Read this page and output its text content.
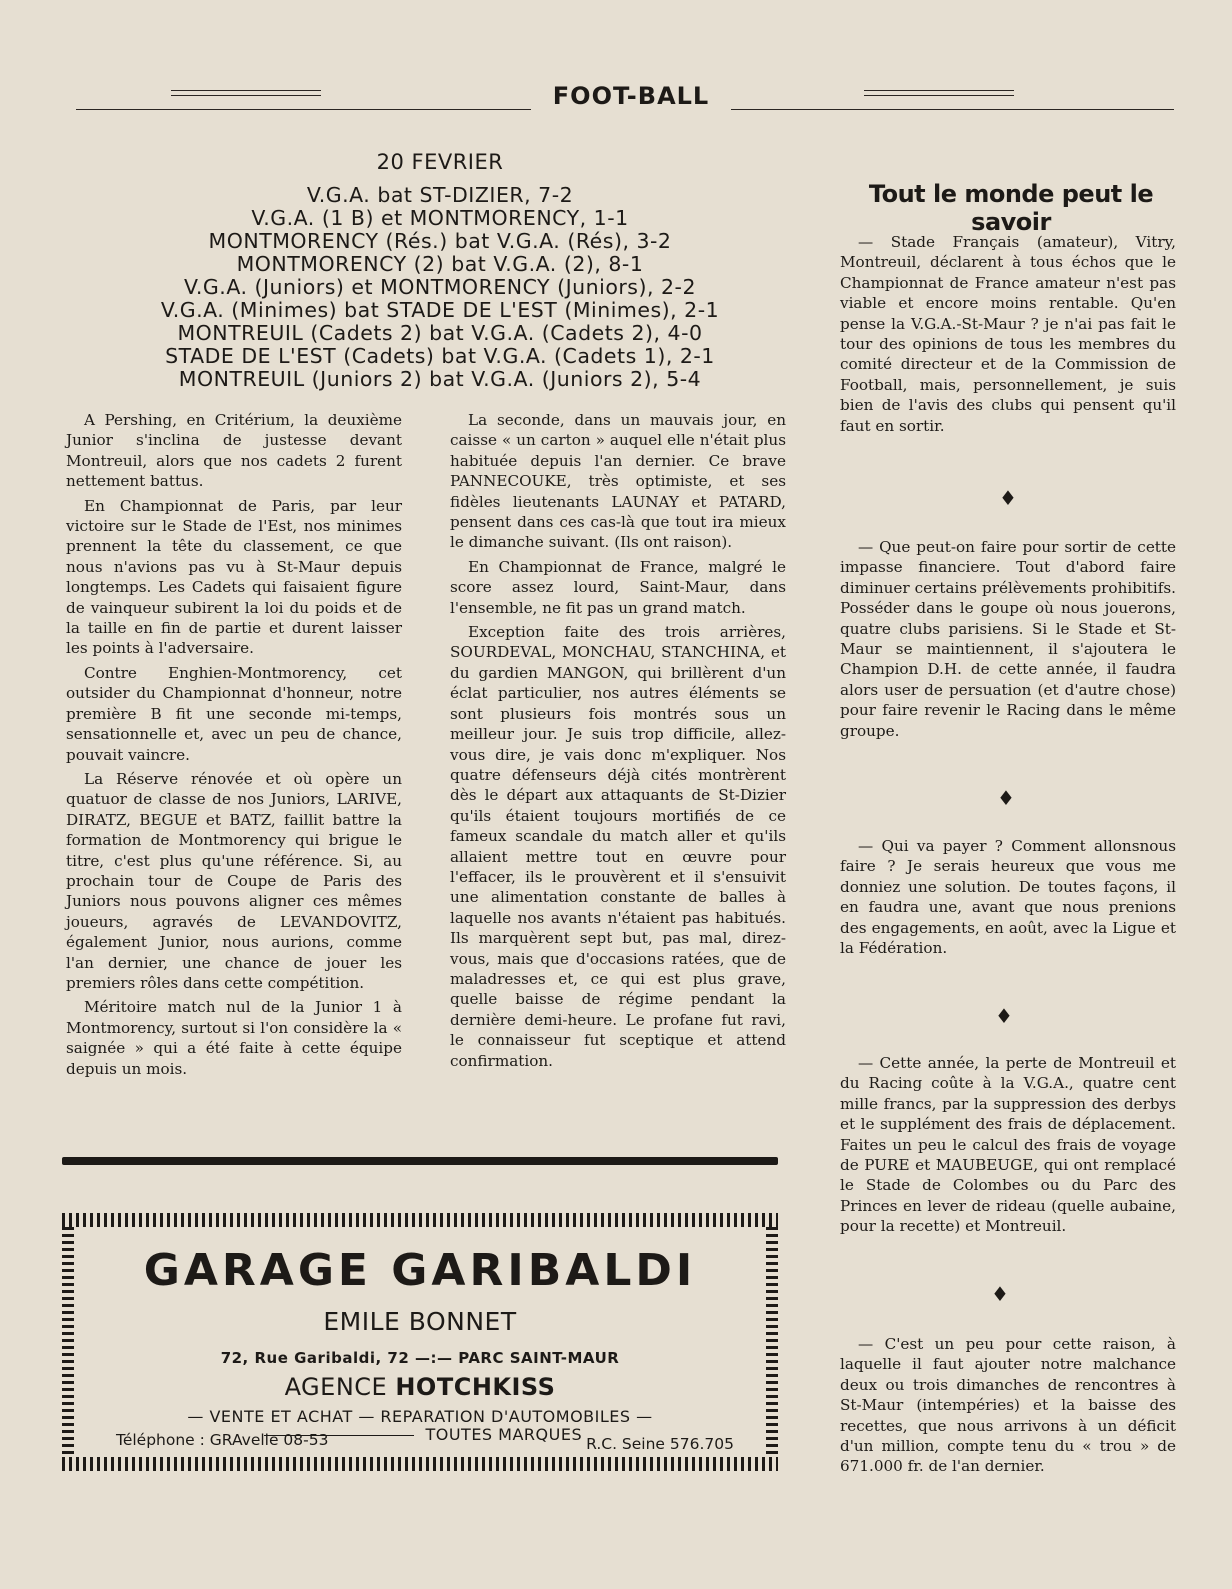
FOOT-BALL
20 FEVRIER
V.G.A. bat ST-DIZIER, 7-2
V.G.A. (1 B) et MONTMORENCY, 1-1
MONTMORENCY (Rés.) bat V.G.A. (Rés), 3-2
MONTMORENCY (2) bat V.G.A. (2), 8-1
V.G.A. (Juniors) et MONTMORENCY (Juniors), 2-2
V.G.A. (Minimes) bat STADE DE L'EST (Minimes), 2-1
MONTREUIL (Cadets 2) bat V.G.A. (Cadets 2), 4-0
STADE DE L'EST (Cadets) bat V.G.A. (Cadets 1), 2-1
MONTREUIL (Juniors 2) bat V.G.A. (Juniors 2), 5-4

A Pershing, en Critérium, la deuxième Junior s'inclina de justesse devant Montreuil, alors que nos cadets 2 furent nettement battus.

En Championnat de Paris, par leur victoire sur le Stade de l'Est, nos minimes prennent la tête du classement, ce que nous n'avions pas vu à St-Maur depuis longtemps. Les Cadets qui faisaient figure de vainqueur subirent la loi du poids et de la taille en fin de partie et durent laisser les points à l'adversaire.

Contre Enghien-Montmorency, cet outsider du Championnat d'honneur, notre première B fit une seconde mi-temps, sensationnelle et, avec un peu de chance, pouvait vaincre.

La Réserve rénovée et où opère un quatuor de classe de nos Juniors, LARIVE, DIRATZ, BEGUE et BATZ, faillit battre la formation de Montmorency qui brigue le titre, c'est plus qu'une référence. Si, au prochain tour de Coupe de Paris des Juniors nous pouvons aligner ces mêmes joueurs, agravés de LEVANDOVITZ, également Junior, nous aurions, comme l'an dernier, une chance de jouer les premiers rôles dans cette compétition.

Méritoire match nul de la Junior 1 à Montmorency, surtout si l'on considère la « saignée » qui a été faite à cette équipe depuis un mois.

La seconde, dans un mauvais jour, en caisse « un carton » auquel elle n'était plus habituée depuis l'an dernier. Ce brave PANNECOUKE, très optimiste, et ses fidèles lieutenants LAUNAY et PATARD, pensent dans ces cas-là que tout ira mieux le dimanche suivant. (Ils ont raison).

En Championnat de France, malgré le score assez lourd, Saint-Maur, dans l'ensemble, ne fit pas un grand match.

Exception faite des trois arrières, SOURDEVAL, MONCHAU, STANCHINA, et du gardien MANGON, qui brillèrent d'un éclat particulier, nos autres éléments se sont plusieurs fois montrés sous un meilleur jour. Je suis trop difficile, allez-vous dire, je vais donc m'expliquer. Nos quatre défenseurs déjà cités montrèrent dès le départ aux attaquants de St-Dizier qu'ils étaient toujours mortifiés de ce fameux scandale du match aller et qu'ils allaient mettre tout en œuvre pour l'effacer, ils le prouvèrent et il s'ensuivit une alimentation constante de balles à laquelle nos avants n'étaient pas habitués. Ils marquèrent sept but, pas mal, direz-vous, mais que d'occasions ratées, que de maladresses et, ce qui est plus grave, quelle baisse de régime pendant la dernière demi-heure. Le profane fut ravi, le connaisseur fut sceptique et attend confirmation.

Tout le monde peut le savoir

— Stade Français (amateur), Vitry, Montreuil, déclarent à tous échos que le Championnat de France amateur n'est pas viable et encore moins rentable. Qu'en pense la V.G.A.-St-Maur ? je n'ai pas fait le tour des opinions de tous les membres du comité directeur et de la Commission de Football, mais, personnellement, je suis bien de l'avis des clubs qui pensent qu'il faut en sortir.

♦

— Que peut-on faire pour sortir de cette impasse financiere. Tout d'abord faire diminuer certains prélèvements prohibitifs. Posséder dans le goupe où nous jouerons, quatre clubs parisiens. Si le Stade et St-Maur se maintiennent, il s'ajoutera le Champion D.H. de cette année, il faudra alors user de persuation (et d'autre chose) pour faire revenir le Racing dans le même groupe.

♦

— Qui va payer ? Comment allonsnous faire ? Je serais heureux que vous me donniez une solution. De toutes façons, il en faudra une, avant que nous prenions des engagements, en août, avec la Ligue et la Fédération.

♦

— Cette année, la perte de Montreuil et du Racing coûte à la V.G.A., quatre cent mille francs, par la suppression des derbys et le supplément des frais de déplacement. Faites un peu le calcul des frais de voyage de PURE et MAUBEUGE, qui ont remplacé le Stade de Colombes ou du Parc des Princes en lever de rideau (quelle aubaine, pour la recette) et Montreuil.

♦

— C'est un peu pour cette raison, à laquelle il faut ajouter notre malchance deux ou trois dimanches de rencontres à St-Maur (intempéries) et la baisse des recettes, que nous arrivons à un déficit d'un million, compte tenu du « trou » de 671.000 fr. de l'an dernier.

GARAGE GARIBALDI
EMILE BONNET
72, Rue Garibaldi, 72 —:— PARC SAINT-MAUR
AGENCE HOTCHKISS
— VENTE ET ACHAT — REPARATION D'AUTOMOBILES —
TOUTES MARQUES
Téléphone : GRAvelle 08-53	R.C. Seine 576.705
